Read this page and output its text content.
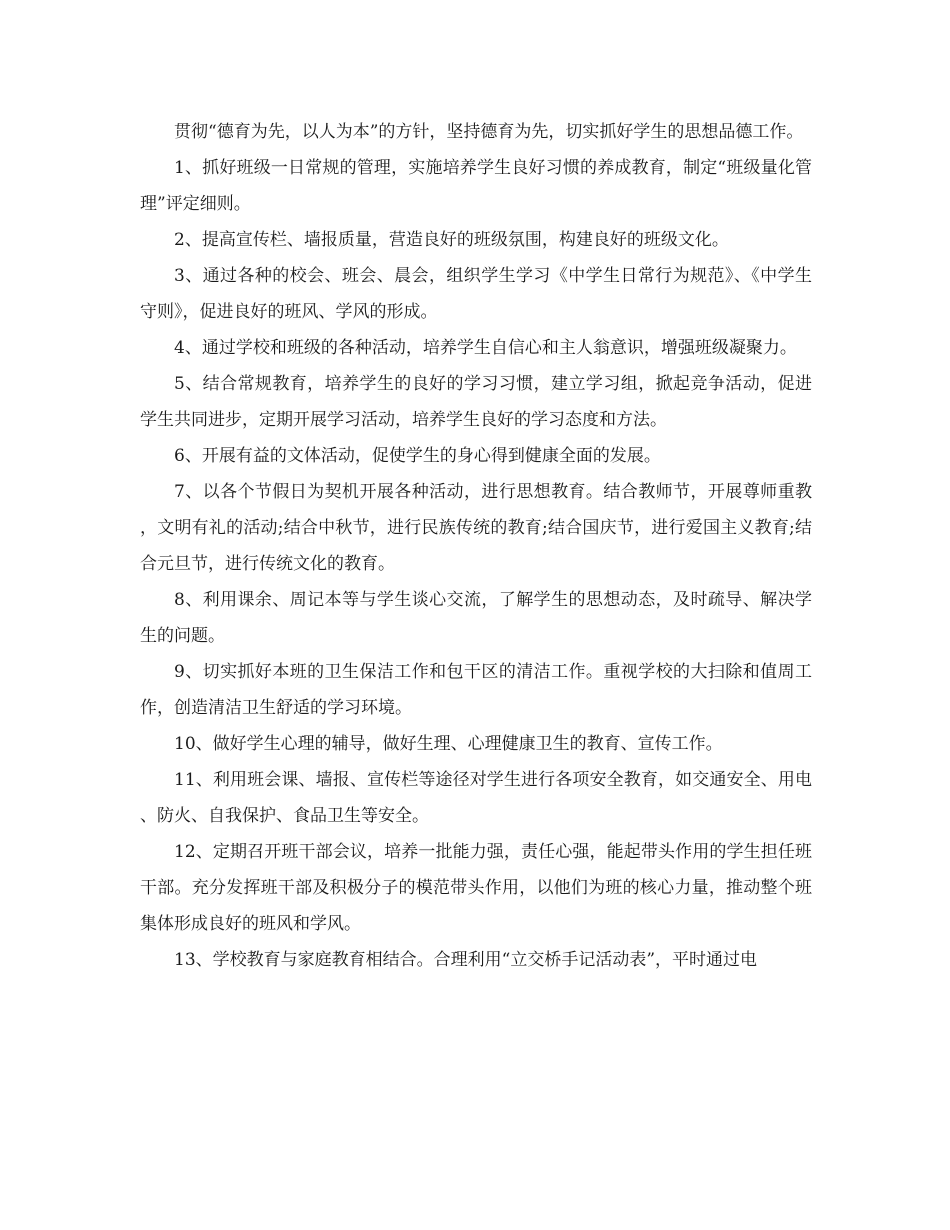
贯彻“德育为先，以人为本”的方针，坚持德育为先，切实抓好学生的思想品德工作。

1、抓好班级一日常规的管理，实施培养学生良好习惯的养成教育，制定“班级量化管理”评定细则。

2、提高宣传栏、墙报质量，营造良好的班级氛围，构建良好的班级文化。

3、通过各种的校会、班会、晨会，组织学生学习《中学生日常行为规范》、《中学生守则》，促进良好的班风、学风的形成。

4、通过学校和班级的各种活动，培养学生自信心和主人翁意识，增强班级凝聚力。

5、结合常规教育，培养学生的良好的学习习惯，建立学习组，掀起竞争活动，促进学生共同进步，定期开展学习活动，培养学生良好的学习态度和方法。

6、开展有益的文体活动，促使学生的身心得到健康全面的发展。

7、以各个节假日为契机开展各种活动，进行思想教育。结合教师节，开展尊师重教，文明有礼的活动;结合中秋节，进行民族传统的教育;结合国庆节，进行爱国主义教育;结合元旦节，进行传统文化的教育。

8、利用课余、周记本等与学生谈心交流，了解学生的思想动态，及时疏导、解决学生的问题。

9、切实抓好本班的卫生保洁工作和包干区的清洁工作。重视学校的大扫除和值周工作，创造清洁卫生舒适的学习环境。

10、做好学生心理的辅导，做好生理、心理健康卫生的教育、宣传工作。

11、利用班会课、墙报、宣传栏等途径对学生进行各项安全教育，如交通安全、用电、防火、自我保护、食品卫生等安全。

12、定期召开班干部会议，培养一批能力强，责任心强，能起带头作用的学生担任班干部。充分发挥班干部及积极分子的模范带头作用，以他们为班的核心力量，推动整个班集体形成良好的班风和学风。

13、学校教育与家庭教育相结合。合理利用“立交桥手记活动表”，平时通过电
